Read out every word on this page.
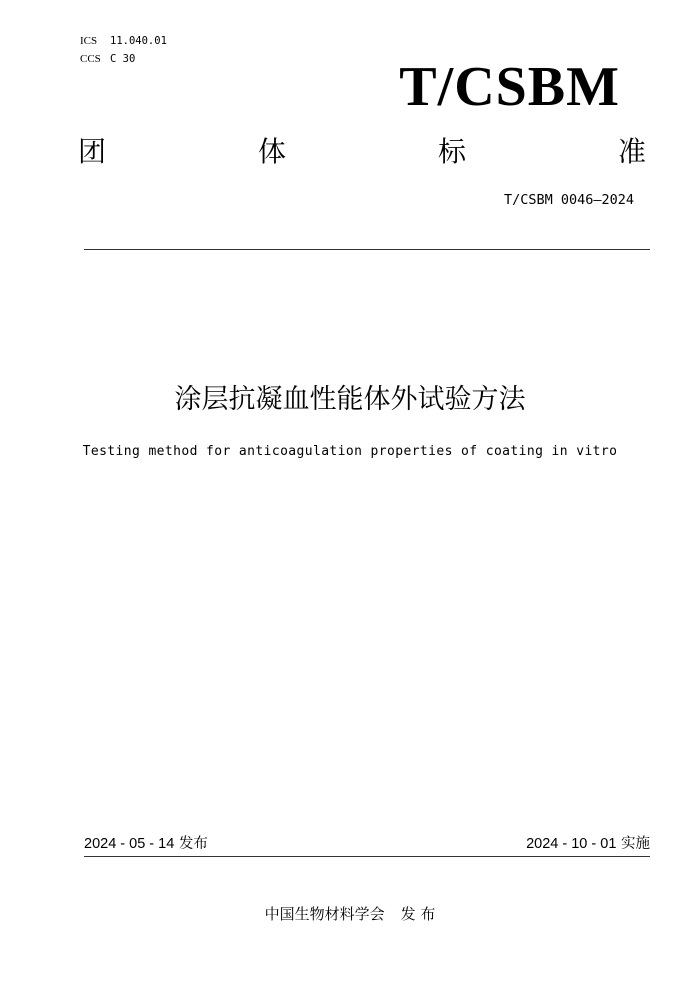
ICS 11.040.01
CCS C 30	T/CSBM
团	体	标	准
T/CSBM 0046—2024
涂层抗凝血性能体外试验方法
Testing method for anticoagulation properties of coating in vitro
2024 - 05 - 14 发布	2024 - 10 - 01 实施
中国生物材料学会 发 布
